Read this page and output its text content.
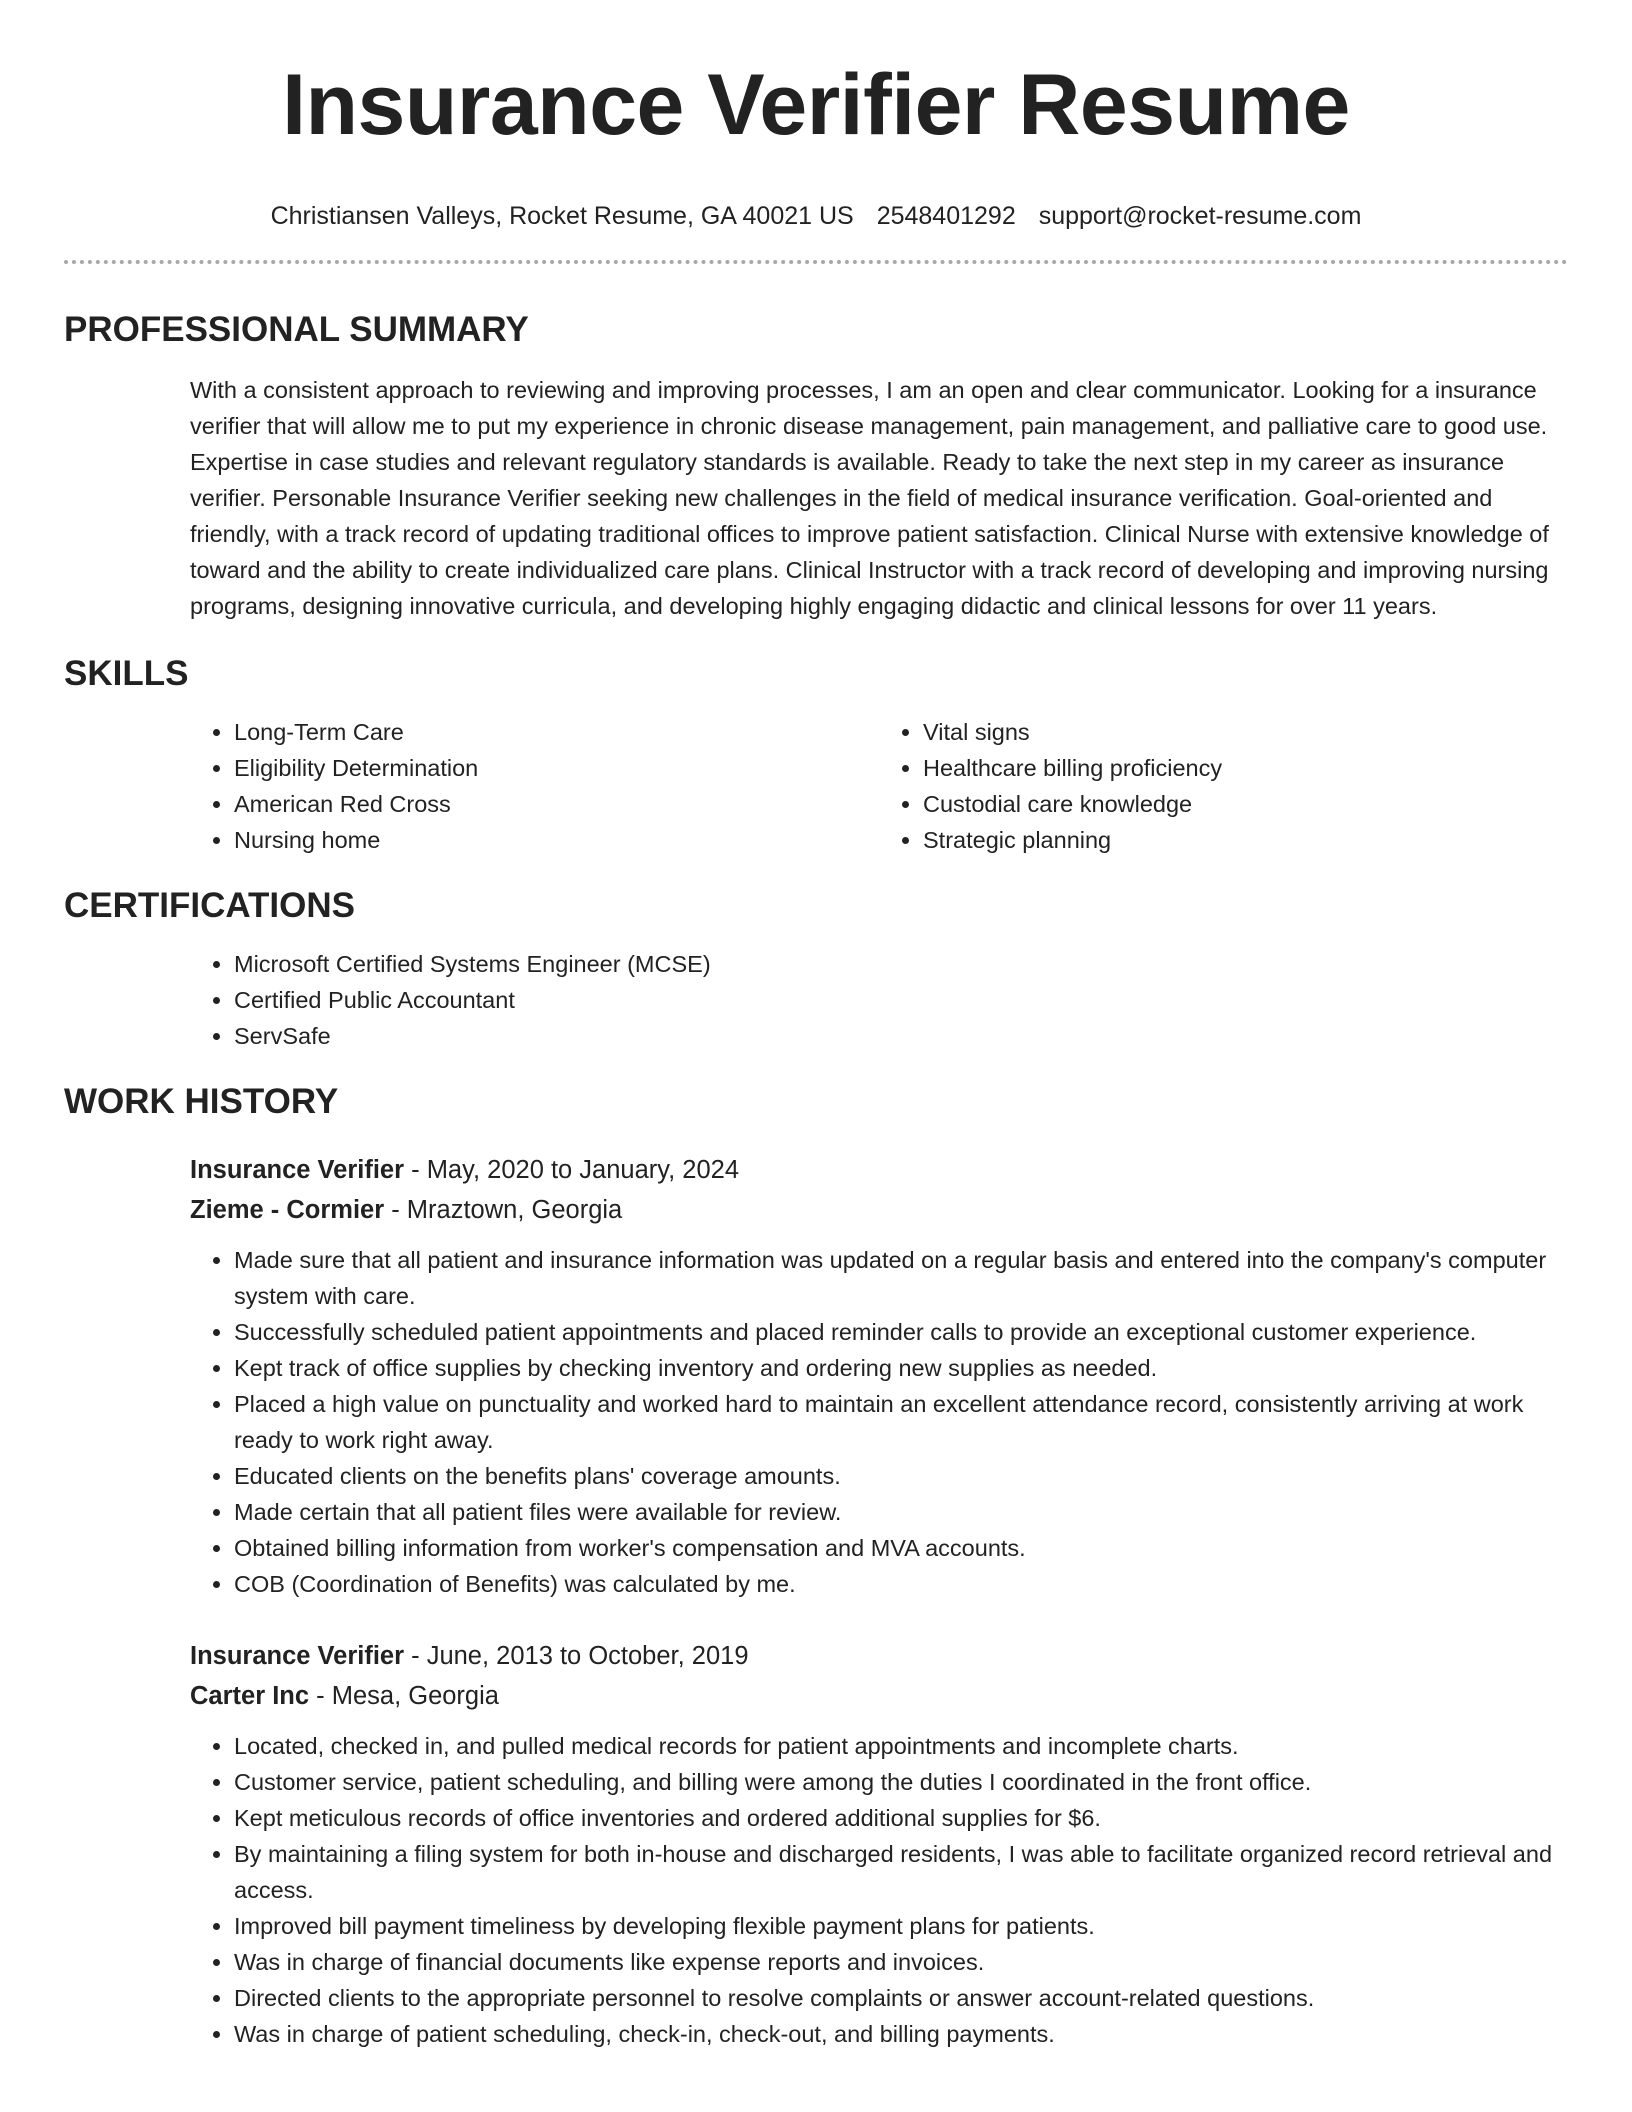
Insurance Verifier Resume
Christiansen Valleys, Rocket Resume, GA 40021 US 2548401292 support@rocket-resume.com
PROFESSIONAL SUMMARY

With a consistent approach to reviewing and improving processes, I am an open and clear communicator. Looking for a insurance verifier that will allow me to put my experience in chronic disease management, pain management, and palliative care to good use. Expertise in case studies and relevant regulatory standards is available. Ready to take the next step in my career as insurance verifier. Personable Insurance Verifier seeking new challenges in the field of medical insurance verification. Goal-oriented and friendly, with a track record of updating traditional offices to improve patient satisfaction. Clinical Nurse with extensive knowledge of toward and the ability to create individualized care plans. Clinical Instructor with a track record of developing and improving nursing programs, designing innovative curricula, and developing highly engaging didactic and clinical lessons for over 11 years.

SKILLS
• Long-Term Care
• Eligibility Determination
• American Red Cross
• Nursing home
• Vital signs
• Healthcare billing proficiency
• Custodial care knowledge
• Strategic planning
CERTIFICATIONS
• Microsoft Certified Systems Engineer (MCSE)
• Certified Public Accountant
• ServSafe
WORK HISTORY
Insurance Verifier - May, 2020 to January, 2024
Zieme - Cormier - Mraztown, Georgia
• Made sure that all patient and insurance information was updated on a regular basis and entered into the company's computer system with care.
• Successfully scheduled patient appointments and placed reminder calls to provide an exceptional customer experience.
• Kept track of office supplies by checking inventory and ordering new supplies as needed.
• Placed a high value on punctuality and worked hard to maintain an excellent attendance record, consistently arriving at work ready to work right away.
• Educated clients on the benefits plans' coverage amounts.
• Made certain that all patient files were available for review.
• Obtained billing information from worker's compensation and MVA accounts.
• COB (Coordination of Benefits) was calculated by me.
Insurance Verifier - June, 2013 to October, 2019
Carter Inc - Mesa, Georgia
• Located, checked in, and pulled medical records for patient appointments and incomplete charts.
• Customer service, patient scheduling, and billing were among the duties I coordinated in the front office.
• Kept meticulous records of office inventories and ordered additional supplies for $6.
• By maintaining a filing system for both in-house and discharged residents, I was able to facilitate organized record retrieval and access.
• Improved bill payment timeliness by developing flexible payment plans for patients.
• Was in charge of financial documents like expense reports and invoices.
• Directed clients to the appropriate personnel to resolve complaints or answer account-related questions.
• Was in charge of patient scheduling, check-in, check-out, and billing payments.
